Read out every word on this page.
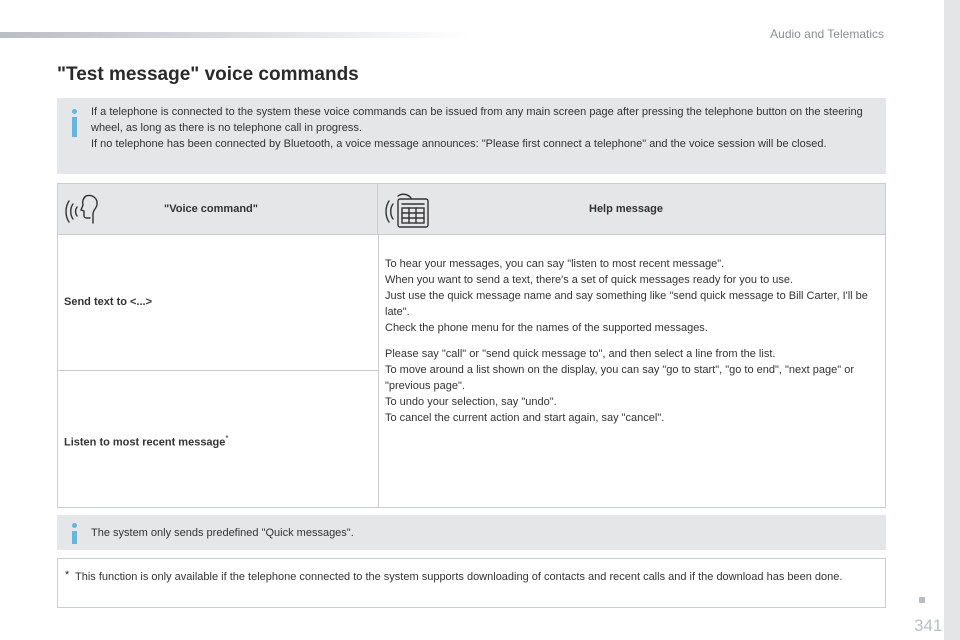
Audio and Telematics
"Test message" voice commands

If a telephone is connected to the system these voice commands can be issued from any main screen page after pressing the telephone button on the steering wheel, as long as there is no telephone call in progress.

If no telephone has been connected by Bluetooth, a voice message announces: "Please first connect a telephone" and the voice session will be closed.

"Voice command"	Help message
Send text to <...>
Listen to most recent message*

To hear your messages, you can say "listen to most recent message".

When you want to send a text, there's a set of quick messages ready for you to use.

Just use the quick message name and say something like "send quick message to Bill Carter, I'll be late".

Check the phone menu for the names of the supported messages.

Please say "call" or "send quick message to", and then select a line from the list.

To move around a list shown on the display, you can say "go to start", "go to end", "next page" or "previous page".

To undo your selection, say "undo".

To cancel the current action and start again, say "cancel".

The system only sends predefined "Quick messages".
* This function is only available if the telephone connected to the system supports downloading of contacts and recent calls and if the download has been done.
341
